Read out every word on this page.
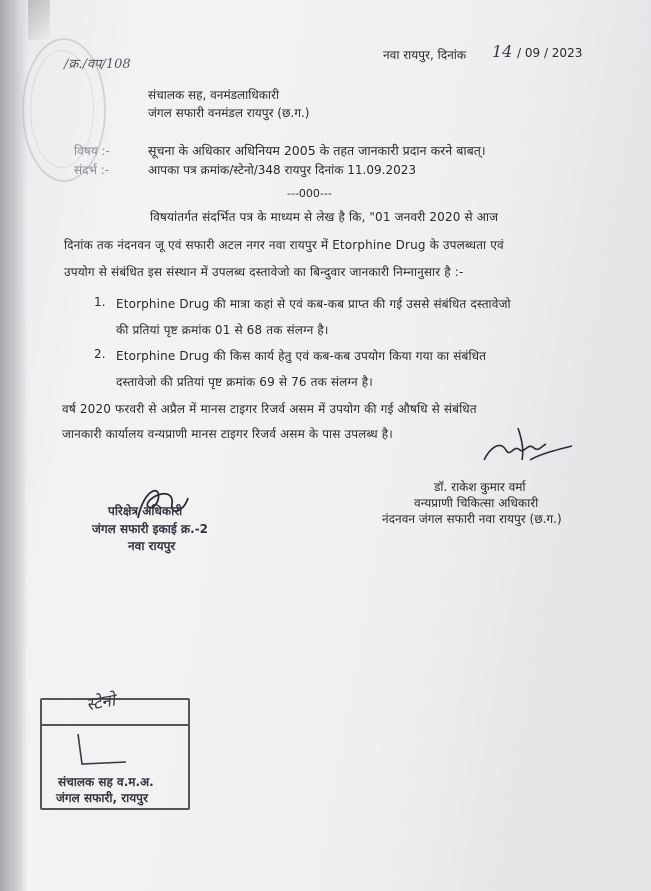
/क्र./वप/108
नवा रायपुर, दिनांक 14 / 09 / 2023
संचालक सह, वनमंडलाधिकारी
जंगल सफारी वनमंडल रायपुर (छ.ग.)
विषय :-	सूचना के अधिकार अधिनियम 2005 के तहत जानकारी प्रदान करने बाबत्।
संदर्भ :-	आपका पत्र क्रमांक/स्टेनो/348 रायपुर दिनांक 11.09.2023
---000---
विषयांतर्गत संदर्भित पत्र के माध्यम से लेख है कि, "01 जनवरी 2020 से आज
दिनांक तक नंदनवन जू एवं सफारी अटल नगर नवा रायपुर में Etorphine Drug के उपलब्धता एवं
उपयोग से संबंधित इस संस्थान में उपलब्ध दस्तावेजो का बिन्दुवार जानकारी निम्नानुसार है :-
1. Etorphine Drug की मात्रा कहां से एवं कब-कब प्राप्त की गई उससे संबंधित दस्तावेजो
की प्रतियां पृष्ट क्रमांक 01 से 68 तक संलग्न है।
2. Etorphine Drug की किस कार्य हेतु एवं कब-कब उपयोग किया गया का संबंधित
दस्तावेजो की प्रतियां पृष्ट क्रमांक 69 से 76 तक संलग्न है।
वर्ष 2020 फरवरी से अप्रैल में मानस टाइगर रिजर्व असम में उपयोग की गई औषधि से संबंधित
जानकारी कार्यालय वन्यप्राणी मानस टाइगर रिजर्व असम के पास उपलब्ध है।
डॉ. राकेश कुमार वर्मा
वन्यप्राणी चिकित्सा अधिकारी
नंदनवन जंगल सफारी नवा रायपुर (छ.ग.)
परिक्षेत्र अधिकारी
जंगल सफारी इकाई क्र.-2
नवा रायपुर
स्टेनो
संचालक सह व.म.अ.
जंगल सफारी, रायपुर
